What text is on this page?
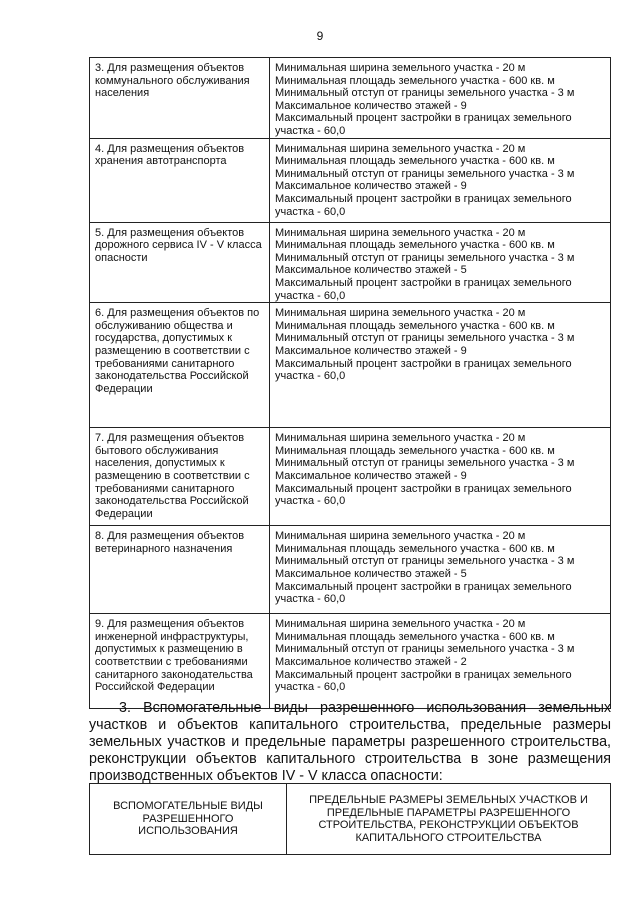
9
3. Для размещения объектов коммунального обслуживания населения	Минимальная ширина земельного участка - 20 м
Минимальная площадь земельного участка - 600 кв. м
Минимальный отступ от границы земельного участка - 3 м
Максимальное количество этажей - 9
Максимальный процент застройки в границах земельного участка - 60,0

4. Для размещения объектов хранения автотранспорта	Минимальная ширина земельного участка - 20 м
Минимальная площадь земельного участка - 600 кв. м
Минимальный отступ от границы земельного участка - 3 м
Максимальное количество этажей - 9
Максимальный процент застройки в границах земельного участка - 60,0

5. Для размещения объектов дорожного сервиса IV - V класса опасности	Минимальная ширина земельного участка - 20 м
Минимальная площадь земельного участка - 600 кв. м
Минимальный отступ от границы земельного участка - 3 м
Максимальное количество этажей - 5
Максимальный процент застройки в границах земельного участка - 60,0

6. Для размещения объектов по обслуживанию общества и государства, допустимых к размещению в соответствии с требованиями санитарного законодательства Российской Федерации	Минимальная ширина земельного участка - 20 м
Минимальная площадь земельного участка - 600 кв. м
Минимальный отступ от границы земельного участка - 3 м
Максимальное количество этажей - 9
Максимальный процент застройки в границах земельного участка - 60,0

7. Для размещения объектов бытового обслуживания населения, допустимых к размещению в соответствии с требованиями санитарного законодательства Российской Федерации	Минимальная ширина земельного участка - 20 м
Минимальная площадь земельного участка - 600 кв. м
Минимальный отступ от границы земельного участка - 3 м
Максимальное количество этажей - 9
Максимальный процент застройки в границах земельного участка - 60,0

8. Для размещения объектов ветеринарного назначения	Минимальная ширина земельного участка - 20 м
Минимальная площадь земельного участка - 600 кв. м
Минимальный отступ от границы земельного участка - 3 м
Максимальное количество этажей - 5
Максимальный процент застройки в границах земельного участка - 60,0

9. Для размещения объектов инженерной инфраструктуры, допустимых к размещению в соответствии с требованиями санитарного законодательства Российской Федерации	Минимальная ширина земельного участка - 20 м
Минимальная площадь земельного участка - 600 кв. м
Минимальный отступ от границы земельного участка - 3 м
Максимальное количество этажей - 2
Максимальный процент застройки в границах земельного участка - 60,0
3. Вспомогательные виды разрешенного использования земельных участков и объектов капитального строительства, предельные размеры земельных участков и предельные параметры разрешенного строительства, реконструкции объектов капитального строительства в зоне размещения производственных объектов IV - V класса опасности:
ВСПОМОГАТЕЛЬНЫЕ ВИДЫ РАЗРЕШЕННОГО ИСПОЛЬЗОВАНИЯ	ПРЕДЕЛЬНЫЕ РАЗМЕРЫ ЗЕМЕЛЬНЫХ УЧАСТКОВ И ПРЕДЕЛЬНЫЕ ПАРАМЕТРЫ РАЗРЕШЕННОГО СТРОИТЕЛЬСТВА, РЕКОНСТРУКЦИИ ОБЪЕКТОВ КАПИТАЛЬНОГО СТРОИТЕЛЬСТВА
